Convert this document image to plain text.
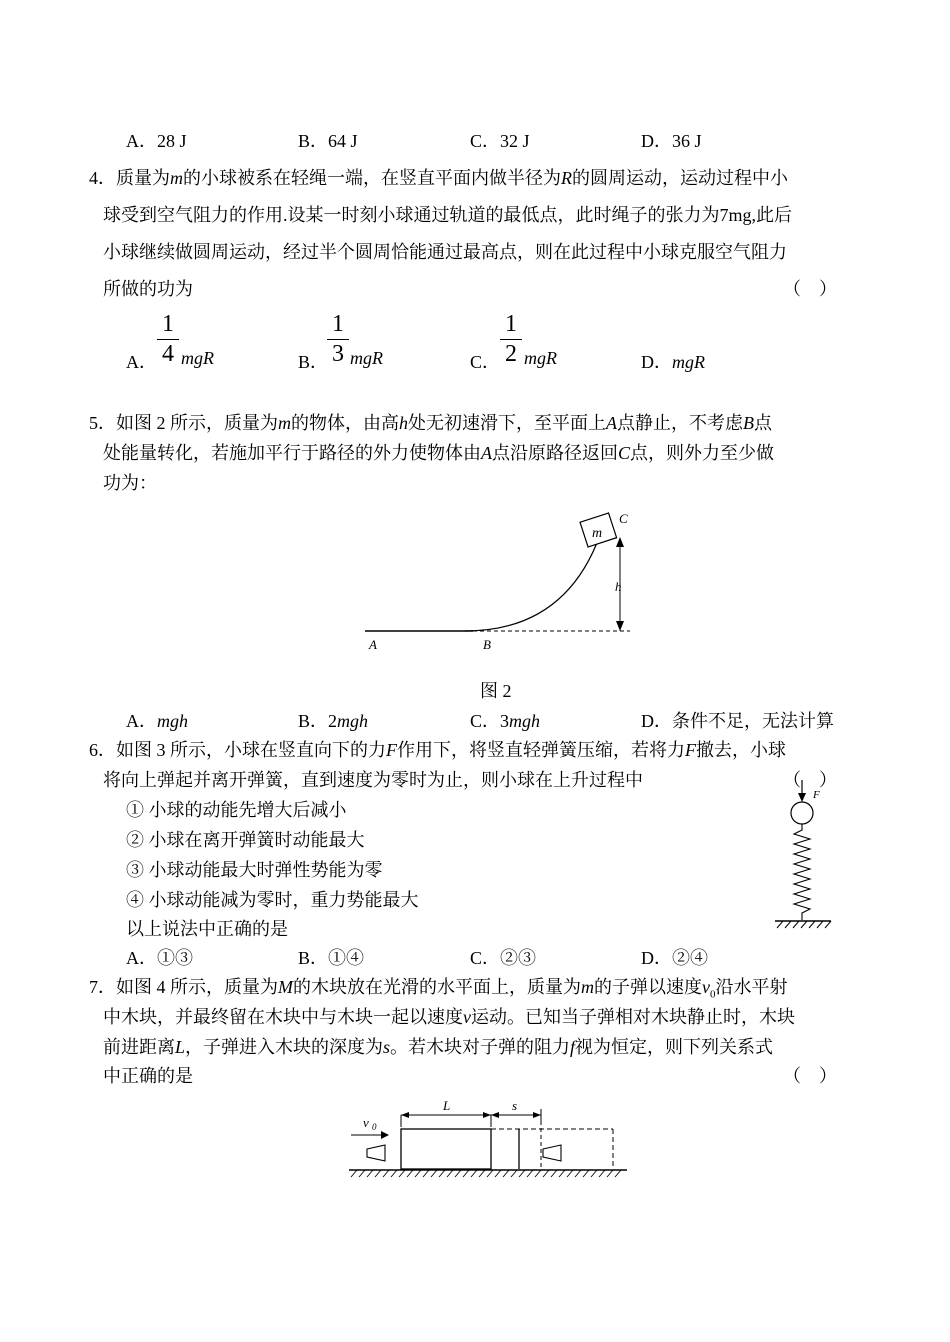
A．28 J	B．64 J	C．32 J	D．36 J
4．质量为m的小球被系在轻绳一端，在竖直平面内做半径为R的圆周运动，运动过程中小
球受到空气阻力的作用.设某一时刻小球通过轨道的最低点，此时绳子的张力为7mg,此后
小球继续做圆周运动，经过半个圆周恰能通过最高点，则在此过程中小球克服空气阻力
所做的功为	（　）
A．
1
4 mgR	B．
1
3 mgR	C．
1
2 mgR	D．mgR
5．如图 2 所示，质量为m的物体，由高h处无初速滑下，至平面上A点静止，不考虑B点
处能量转化，若施加平行于路径的外力使物体由A点沿原路径返回C点，则外力至少做
功为：
m
C
h
A	B
图 2
A．mgh	B．2mgh	C．3mgh	D．条件不足，无法计算
6．如图 3 所示，小球在竖直向下的力F作用下，将竖直轻弹簧压缩，若将力F撤去，小球
将向上弹起并离开弹簧，直到速度为零时为止，则小球在上升过程中	（　）
① 小球的动能先增大后减小
② 小球在离开弹簧时动能最大
③ 小球动能最大时弹性势能为零
④ 小球动能减为零时，重力势能最大
以上说法中正确的是
F
A．①③	B．①④	C．②③	D．②④
7．如图 4 所示，质量为M的木块放在光滑的水平面上，质量为m的子弹以速度$v_0$沿水平射
中木块，并最终留在木块中与木块一起以速度v运动。已知当子弹相对木块静止时，木块
前进距离L，子弹进入木块的深度为s。若木块对子弹的阻力f视为恒定，则下列关系式
中正确的是	（　）
v 0
L	s
